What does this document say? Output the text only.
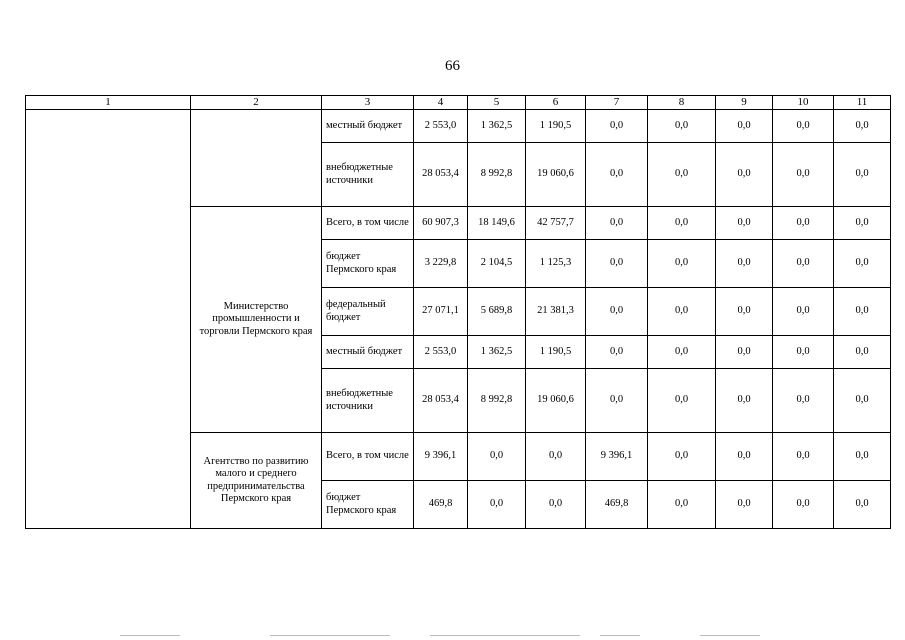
66
1	2	3	4	5	6	7	8	9	10	11
		местный бюджет	2 553,0	1 362,5	1 190,5	0,0	0,0	0,0	0,0	0,0
		внебюджетные источники	28 053,4	8 992,8	19 060,6	0,0	0,0	0,0	0,0	0,0
	Министерство промышленности и торговли Пермского края	Всего, в том числе	60 907,3	18 149,6	42 757,7	0,0	0,0	0,0	0,0	0,0
		бюджет Пермского края	3 229,8	2 104,5	1 125,3	0,0	0,0	0,0	0,0	0,0
		федеральный бюджет	27 071,1	5 689,8	21 381,3	0,0	0,0	0,0	0,0	0,0
		местный бюджет	2 553,0	1 362,5	1 190,5	0,0	0,0	0,0	0,0	0,0
		внебюджетные источники	28 053,4	8 992,8	19 060,6	0,0	0,0	0,0	0,0	0,0
	Агентство по развитию малого и среднего предпринимательства Пермского края	Всего, в том числе	9 396,1	0,0	0,0	9 396,1	0,0	0,0	0,0	0,0
		бюджет Пермского края	469,8	0,0	0,0	469,8	0,0	0,0	0,0	0,0
